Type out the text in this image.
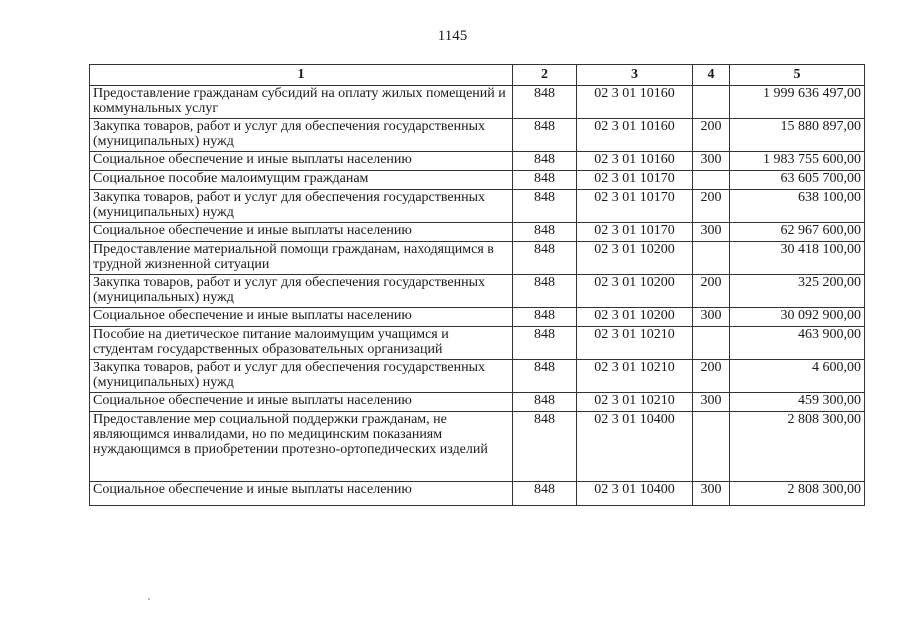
1145
1	2	3	4	5
Предоставление гражданам субсидий на оплату жилых помещений и коммунальных услуг	848	02 3 01 10160		1 999 636 497,00
Закупка товаров, работ и услуг для обеспечения государственных (муниципальных) нужд	848	02 3 01 10160	200	15 880 897,00
Социальное обеспечение и иные выплаты населению	848	02 3 01 10160	300	1 983 755 600,00
Социальное пособие малоимущим гражданам	848	02 3 01 10170		63 605 700,00
Закупка товаров, работ и услуг для обеспечения государственных (муниципальных) нужд	848	02 3 01 10170	200	638 100,00
Социальное обеспечение и иные выплаты населению	848	02 3 01 10170	300	62 967 600,00
Предоставление материальной помощи гражданам, находящимся в трудной жизненной ситуации	848	02 3 01 10200		30 418 100,00
Закупка товаров, работ и услуг для обеспечения государственных (муниципальных) нужд	848	02 3 01 10200	200	325 200,00
Социальное обеспечение и иные выплаты населению	848	02 3 01 10200	300	30 092 900,00
Пособие на диетическое питание малоимущим учащимся и студентам государственных образовательных организаций	848	02 3 01 10210		463 900,00
Закупка товаров, работ и услуг для обеспечения государственных (муниципальных) нужд	848	02 3 01 10210	200	4 600,00
Социальное обеспечение и иные выплаты населению	848	02 3 01 10210	300	459 300,00
Предоставление мер социальной поддержки гражданам, не являющимся инвалидами, но по медицинским показаниям нуждающимся в приобретении протезно-ортопедических изделий	848	02 3 01 10400		2 808 300,00
Социальное обеспечение и иные выплаты населению	848	02 3 01 10400	300	2 808 300,00
